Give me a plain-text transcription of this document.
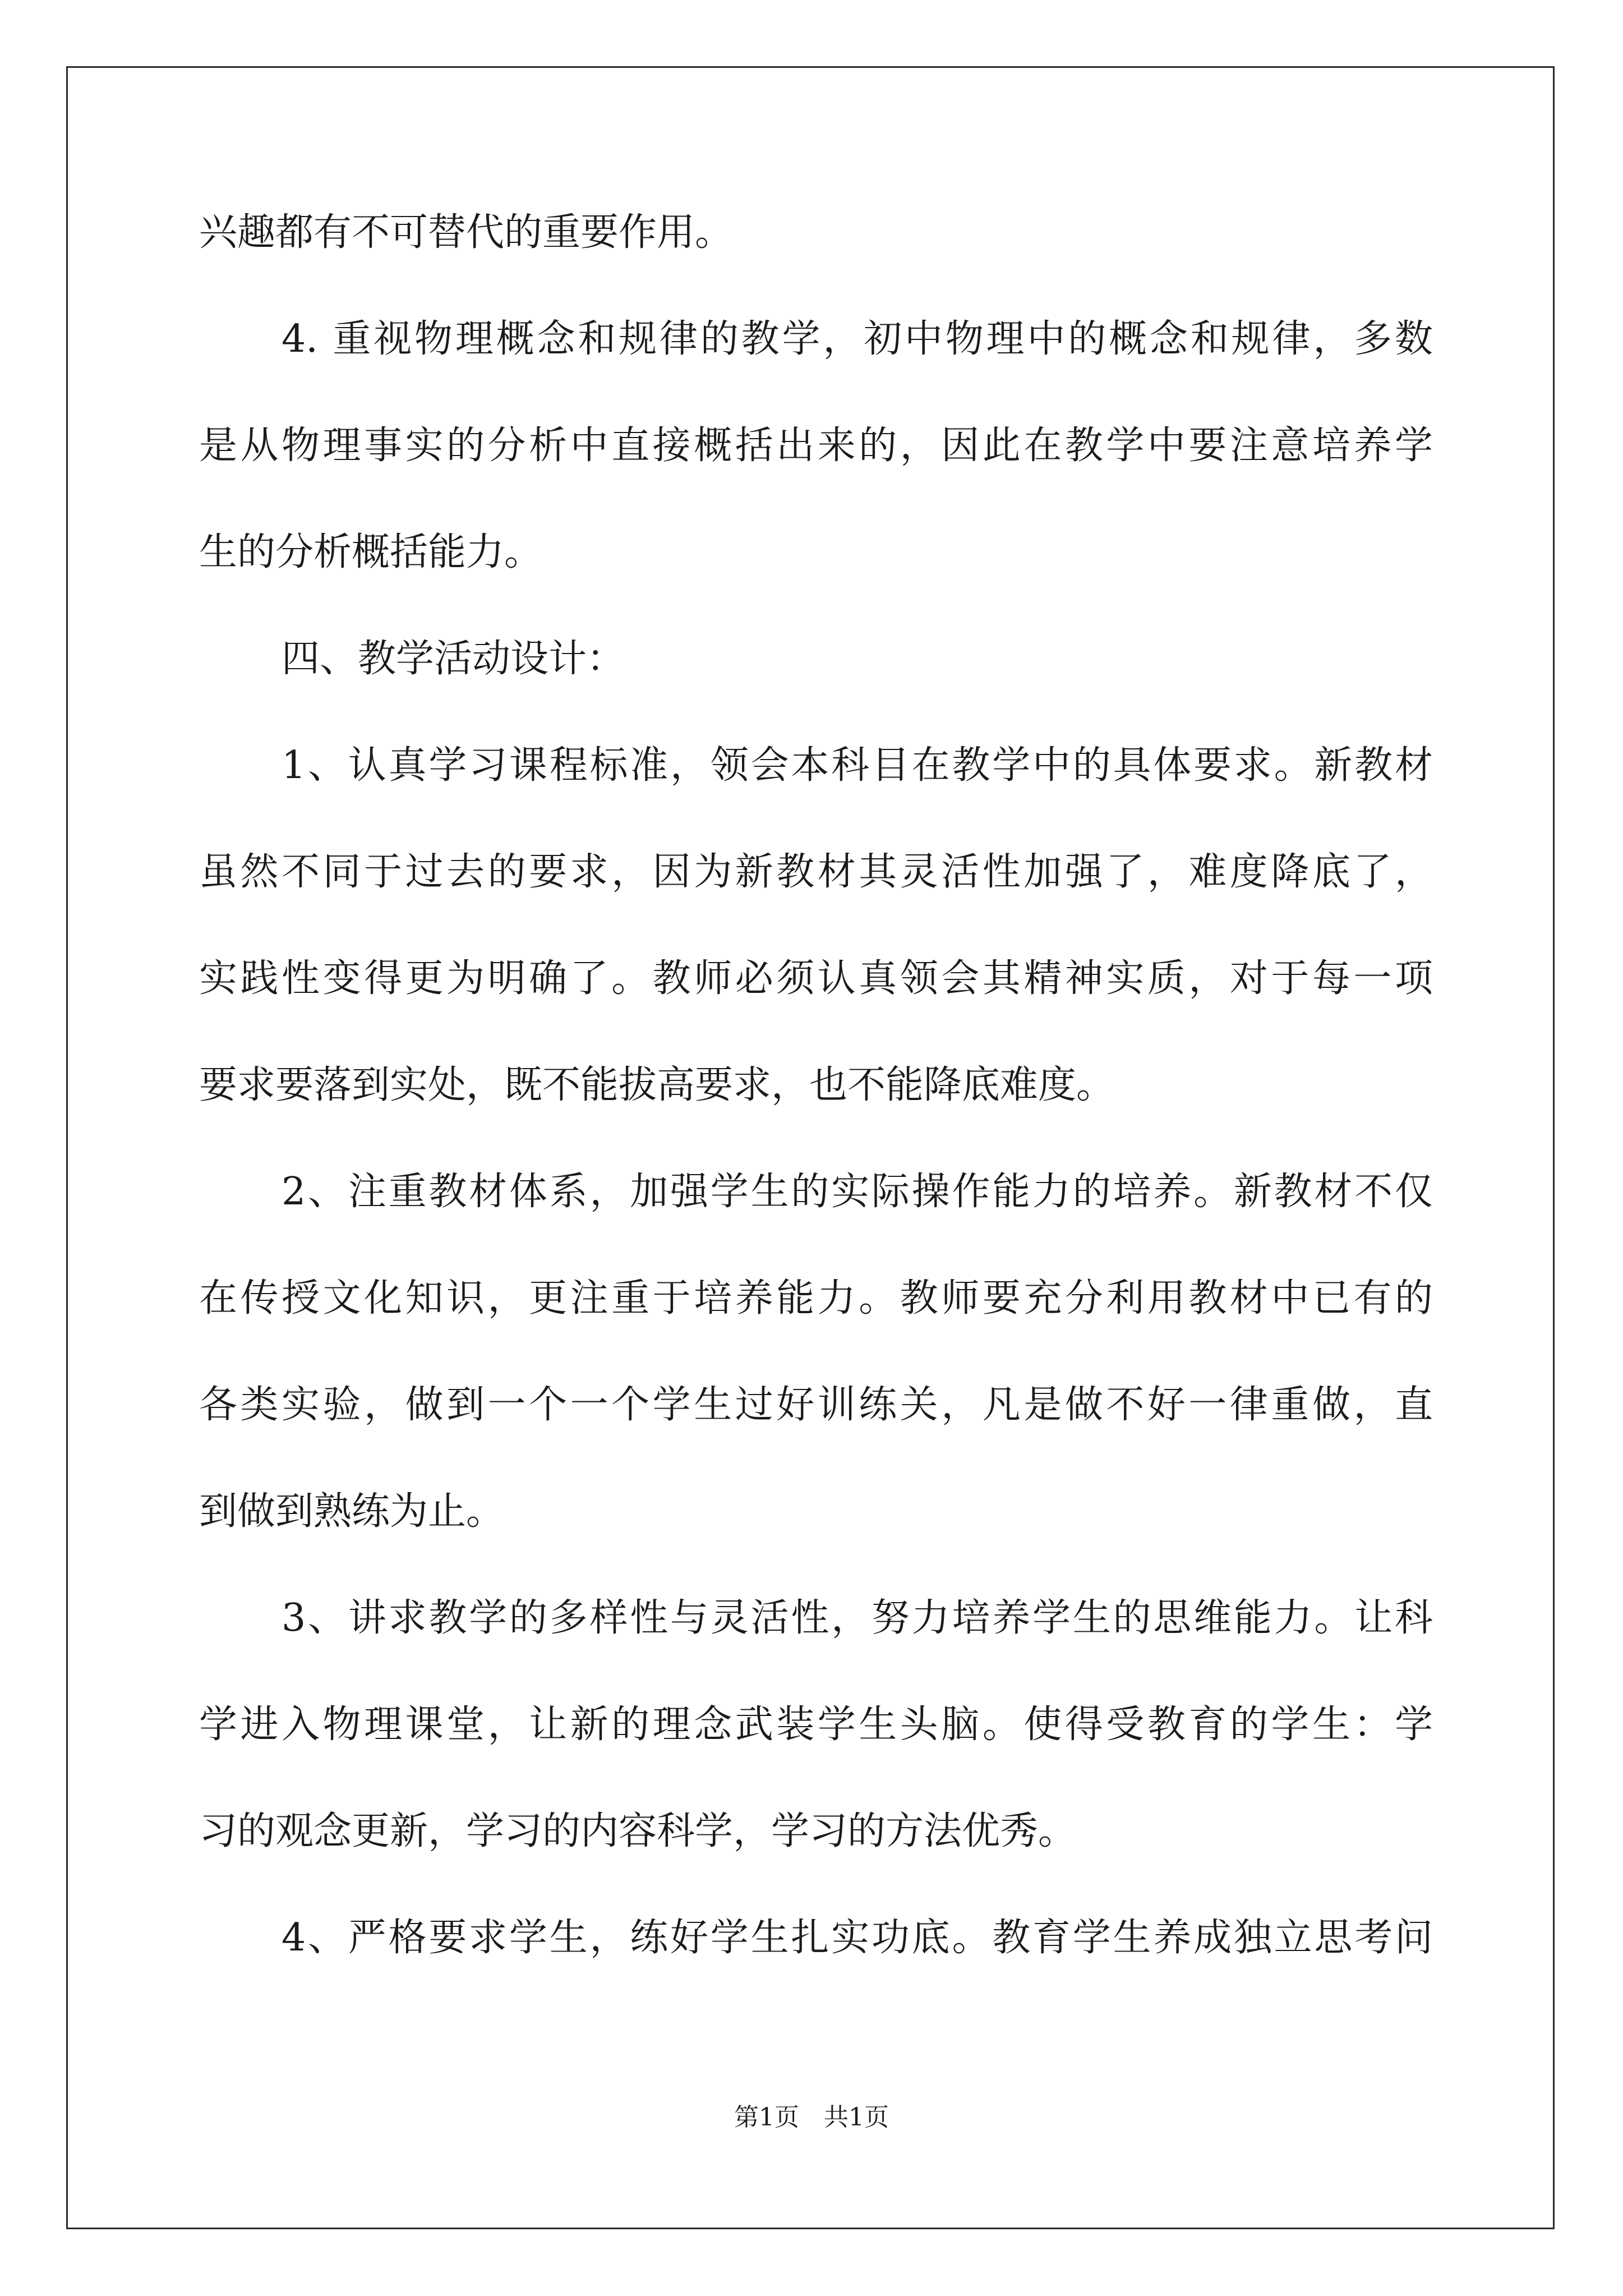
兴趣都有不可替代的重要作用。
4. 重视物理概念和规律的教学，初中物理中的概念和规律，多数
是从物理事实的分析中直接概括出来的，因此在教学中要注意培养学
生的分析概括能力。
四、教学活动设计：
1、认真学习课程标准，领会本科目在教学中的具体要求。新教材
虽然不同于过去的要求，因为新教材其灵活性加强了，难度降底了，
实践性变得更为明确了。教师必须认真领会其精神实质，对于每一项
要求要落到实处，既不能拔高要求，也不能降底难度。
2、注重教材体系，加强学生的实际操作能力的培养。新教材不仅
在传授文化知识，更注重于培养能力。教师要充分利用教材中已有的
各类实验，做到一个一个学生过好训练关，凡是做不好一律重做，直
到做到熟练为止。
3、讲求教学的多样性与灵活性，努力培养学生的思维能力。让科
学进入物理课堂，让新的理念武装学生头脑。使得受教育的学生：学
习的观念更新，学习的内容科学，学习的方法优秀。
4、严格要求学生，练好学生扎实功底。教育学生养成独立思考问
第1页　共1页
